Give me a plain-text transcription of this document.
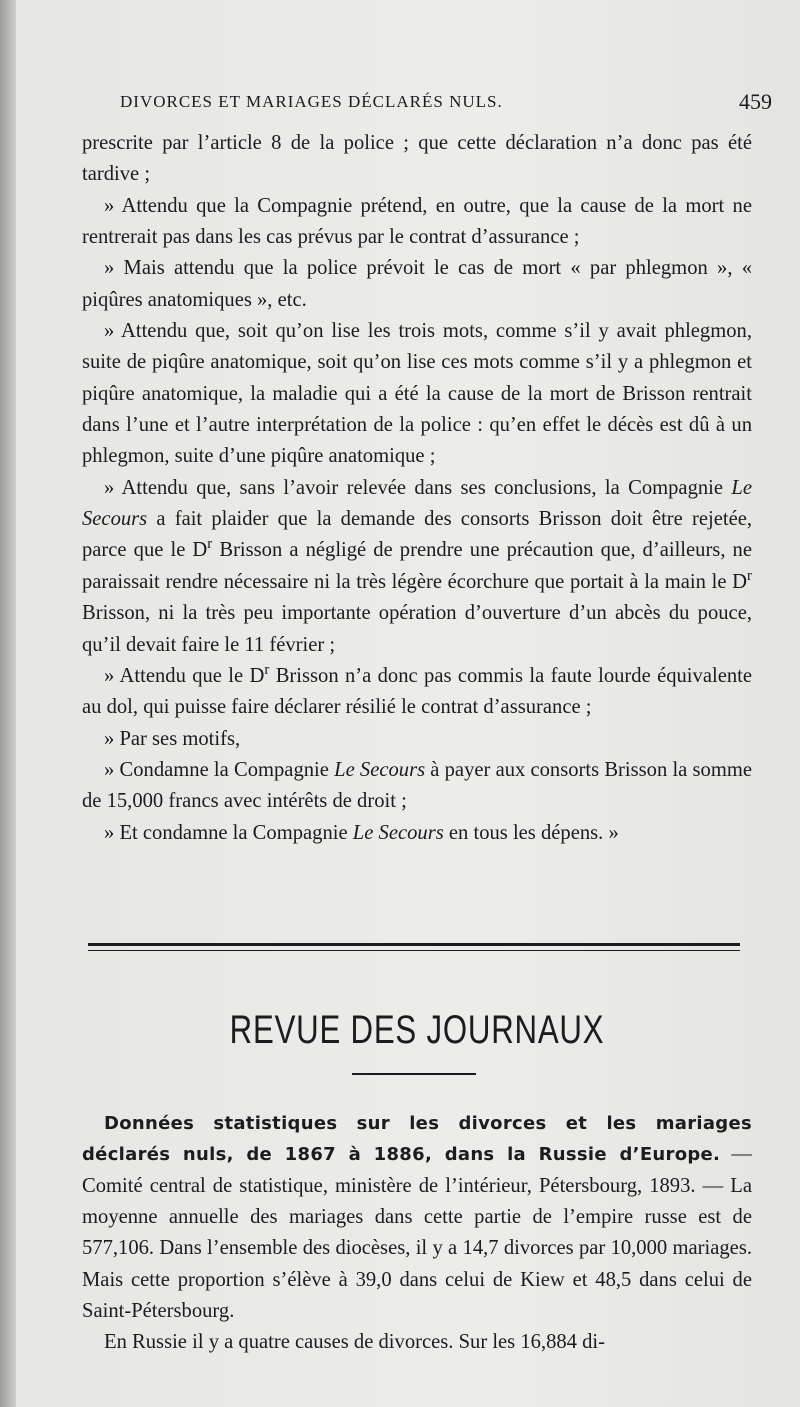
DIVORCES ET MARIAGES DÉCLARÉS NULS.	459

prescrite par l’article 8 de la police ; que cette déclaration n’a donc pas été tardive ;

» Attendu que la Compagnie prétend, en outre, que la cause de la mort ne rentrerait pas dans les cas prévus par le contrat d’assurance ;

» Mais attendu que la police prévoit le cas de mort « par phlegmon », « piqûres anatomiques », etc.

» Attendu que, soit qu’on lise les trois mots, comme s’il y avait phlegmon, suite de piqûre anatomique, soit qu’on lise ces mots comme s’il y a phlegmon et piqûre anatomique, la maladie qui a été la cause de la mort de Brisson rentrait dans l’une et l’autre interprétation de la police : qu’en effet le décès est dû à un phlegmon, suite d’une piqûre anatomique ;

» Attendu que, sans l’avoir relevée dans ses conclusions, la Compagnie Le Secours a fait plaider que la demande des consorts Brisson doit être rejetée, parce que le $D^r$ Brisson a négligé de prendre une précaution que, d’ailleurs, ne paraissait rendre nécessaire ni la très légère écorchure que portait à la main le $D^r$ Brisson, ni la très peu importante opération d’ouverture d’un abcès du pouce, qu’il devait faire le 11 février ;

» Attendu que le $D^r$ Brisson n’a donc pas commis la faute lourde équivalente au dol, qui puisse faire déclarer résilié le contrat d’assurance ;

» Par ses motifs,

» Condamne la Compagnie Le Secours à payer aux consorts Brisson la somme de 15,000 francs avec intérêts de droit ;

» Et condamne la Compagnie Le Secours en tous les dépens. »

REVUE DES JOURNAUX

Données statistiques sur les divorces et les mariages déclarés nuls, de 1867 à 1886, dans la Russie d’Europe. — Comité central de statistique, ministère de l’intérieur, Pétersbourg, 1893. — La moyenne annuelle des mariages dans cette partie de l’empire russe est de 577,106. Dans l’ensemble des diocèses, il y a 14,7 divorces par 10,000 mariages. Mais cette proportion s’élève à 39,0 dans celui de Kiew et 48,5 dans celui de Saint-Pétersbourg.

En Russie il y a quatre causes de divorces. Sur les 16,884 di-
